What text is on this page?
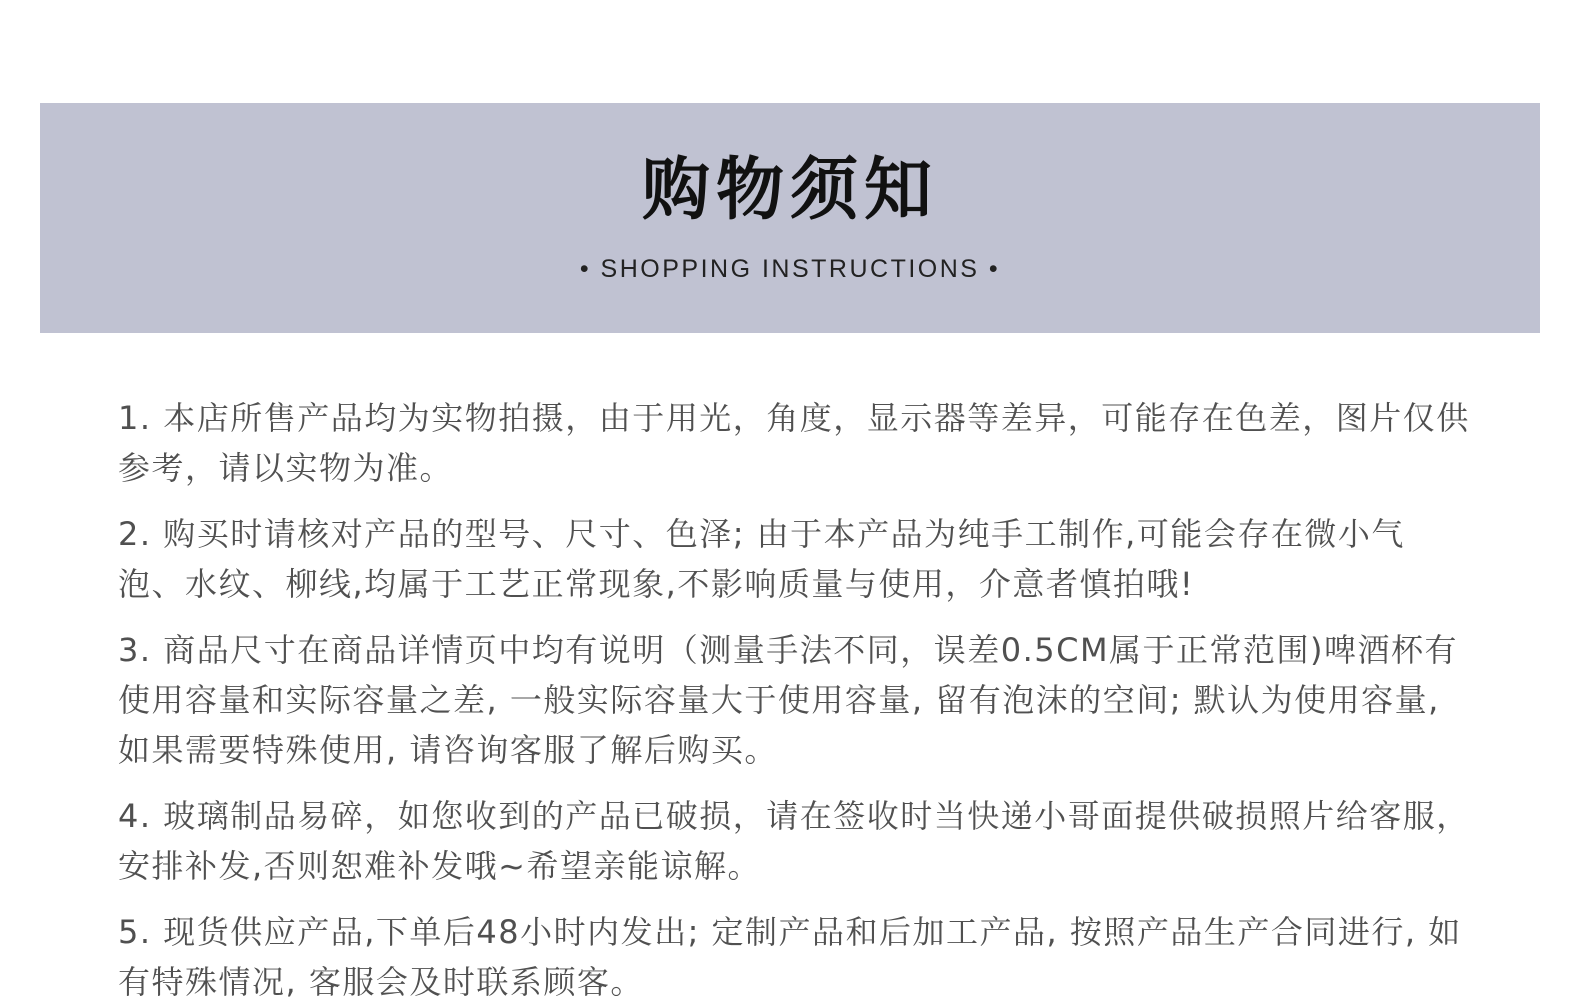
购物须知
• SHOPPING INSTRUCTIONS •
1. 本店所售产品均为实物拍摄，由于用光，角度，显示器等差异，可能存在色差，图片仅供参考，请以实物为准。
2. 购买时请核对产品的型号、尺寸、色泽; 由于本产品为纯手工制作,可能会存在微小气泡、水纹、柳线,均属于工艺正常现象,不影响质量与使用，介意者慎拍哦!
3. 商品尺寸在商品详情页中均有说明（测量手法不同，误差0.5CM属于正常范围)啤酒杯有使用容量和实际容量之差, 一般实际容量大于使用容量, 留有泡沫的空间; 默认为使用容量, 如果需要特殊使用, 请咨询客服了解后购买。
4. 玻璃制品易碎，如您收到的产品已破损，请在签收时当快递小哥面提供破损照片给客服，安排补发,否则恕难补发哦~希望亲能谅解。
5. 现货供应产品,下单后48小时内发出; 定制产品和后加工产品, 按照产品生产合同进行, 如有特殊情况, 客服会及时联系顾客。
